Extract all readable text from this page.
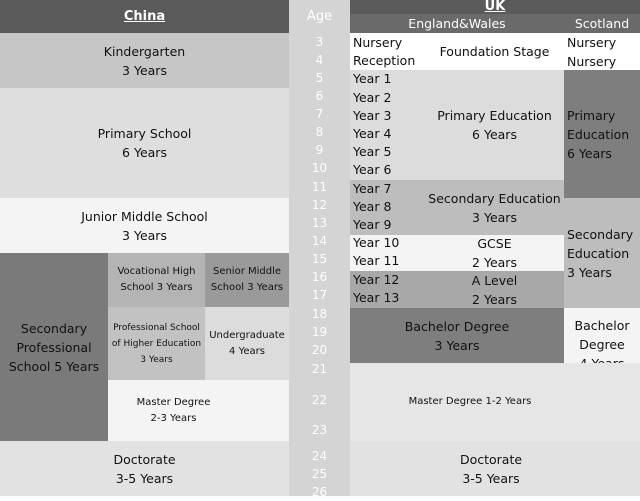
China	Age
UK
England&Wales	Scotland
3
4
5
6
7
8
9
10
11
12
13
14
15
16
17
18
19
20
21
22
23
24
25
26
Kindergarten
3 Years
Primary School
6 Years
Junior Middle School
3 Years
Secondary
Professional
School 5 Years
Vocational High
School 3 Years
Senior Middle
School 3 Years
Professional School
of Higher Education
3 Years
Undergraduate
4 Years
Master Degree
2-3 Years
Doctorate
3-5 Years
Nursery
Reception
Year 1
Year 2
Year 3
Year 4
Year 5
Year 6
Year 7
Year 8
Year 9
Year 10
Year 11
Year 12
Year 13
Foundation Stage
Primary Education
6 Years
Secondary Education
3 Years
GCSE
2 Years
A Level
2 Years
Bachelor Degree
3 Years
Nursery
Nursery
Primary
Education
6 Years
Secondary
Education
3 Years
Bachelor
Degree
Master Degree 1-2 Years
Doctorate
3-5 Years
